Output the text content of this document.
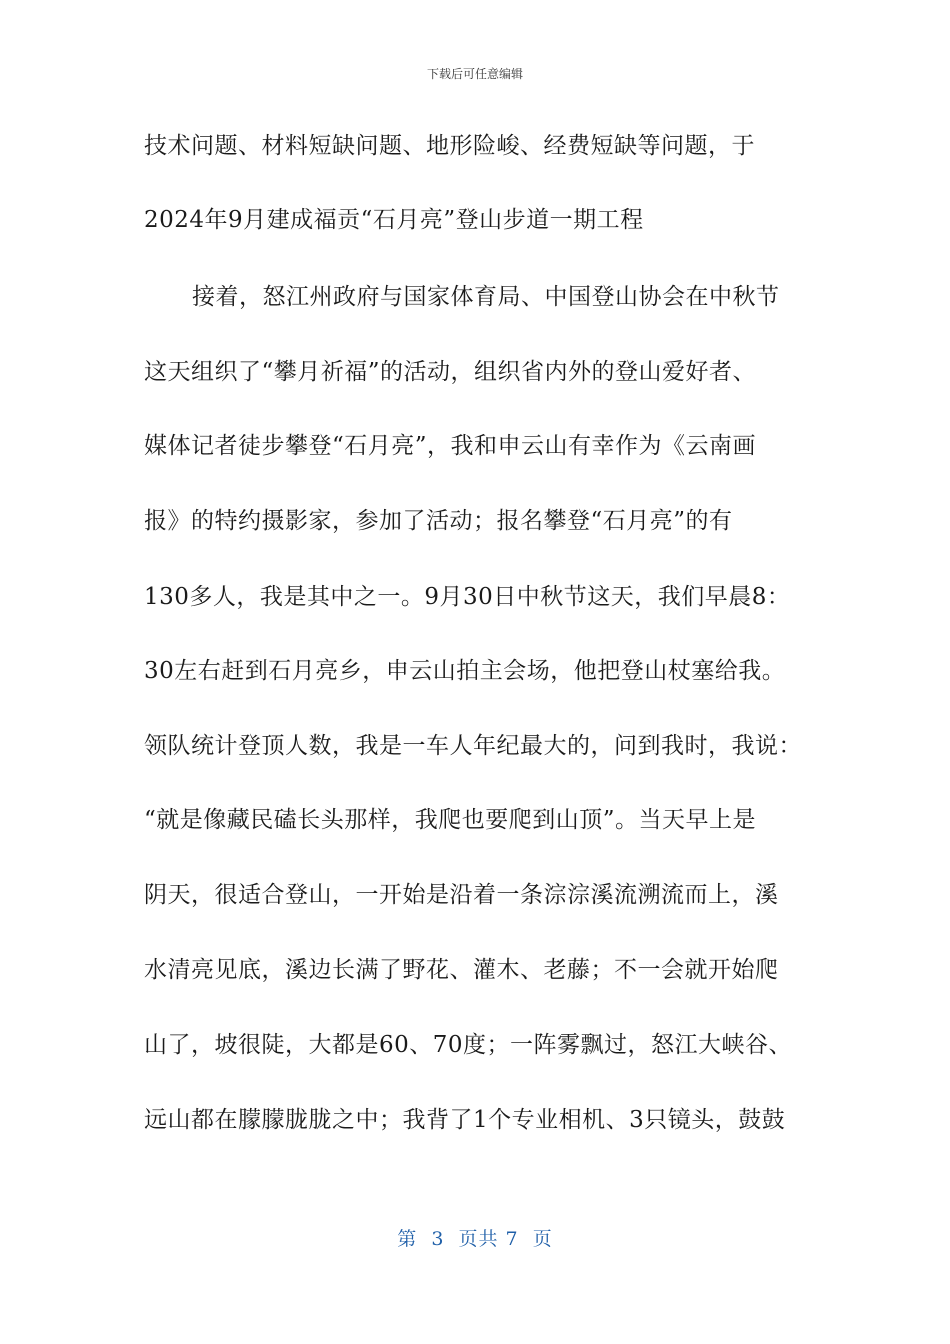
下载后可任意编辑
技术问题、材料短缺问题、地形险峻、经费短缺等问题，于
2024年9月建成福贡“石月亮”登山步道一期工程
接着，怒江州政府与国家体育局、中国登山协会在中秋节
这天组织了“攀月祈福”的活动，组织省内外的登山爱好者、
媒体记者徒步攀登“石月亮”，我和申云山有幸作为《云南画
报》的特约摄影家，参加了活动；报名攀登“石月亮”的有
130多人，我是其中之一。9月30日中秋节这天，我们早晨8：
30左右赶到石月亮乡，申云山拍主会场，他把登山杖塞给我。
领队统计登顶人数，我是一车人年纪最大的，问到我时，我说：
“就是像藏民磕长头那样，我爬也要爬到山顶”。当天早上是
阴天，很适合登山，一开始是沿着一条淙淙溪流溯流而上，溪
水清亮见底，溪边长满了野花、灌木、老藤；不一会就开始爬
山了，坡很陡，大都是60、70度；一阵雾飘过，怒江大峡谷、
远山都在朦朦胧胧之中；我背了1个专业相机、3只镜头，鼓鼓
第  3  页共 7  页
